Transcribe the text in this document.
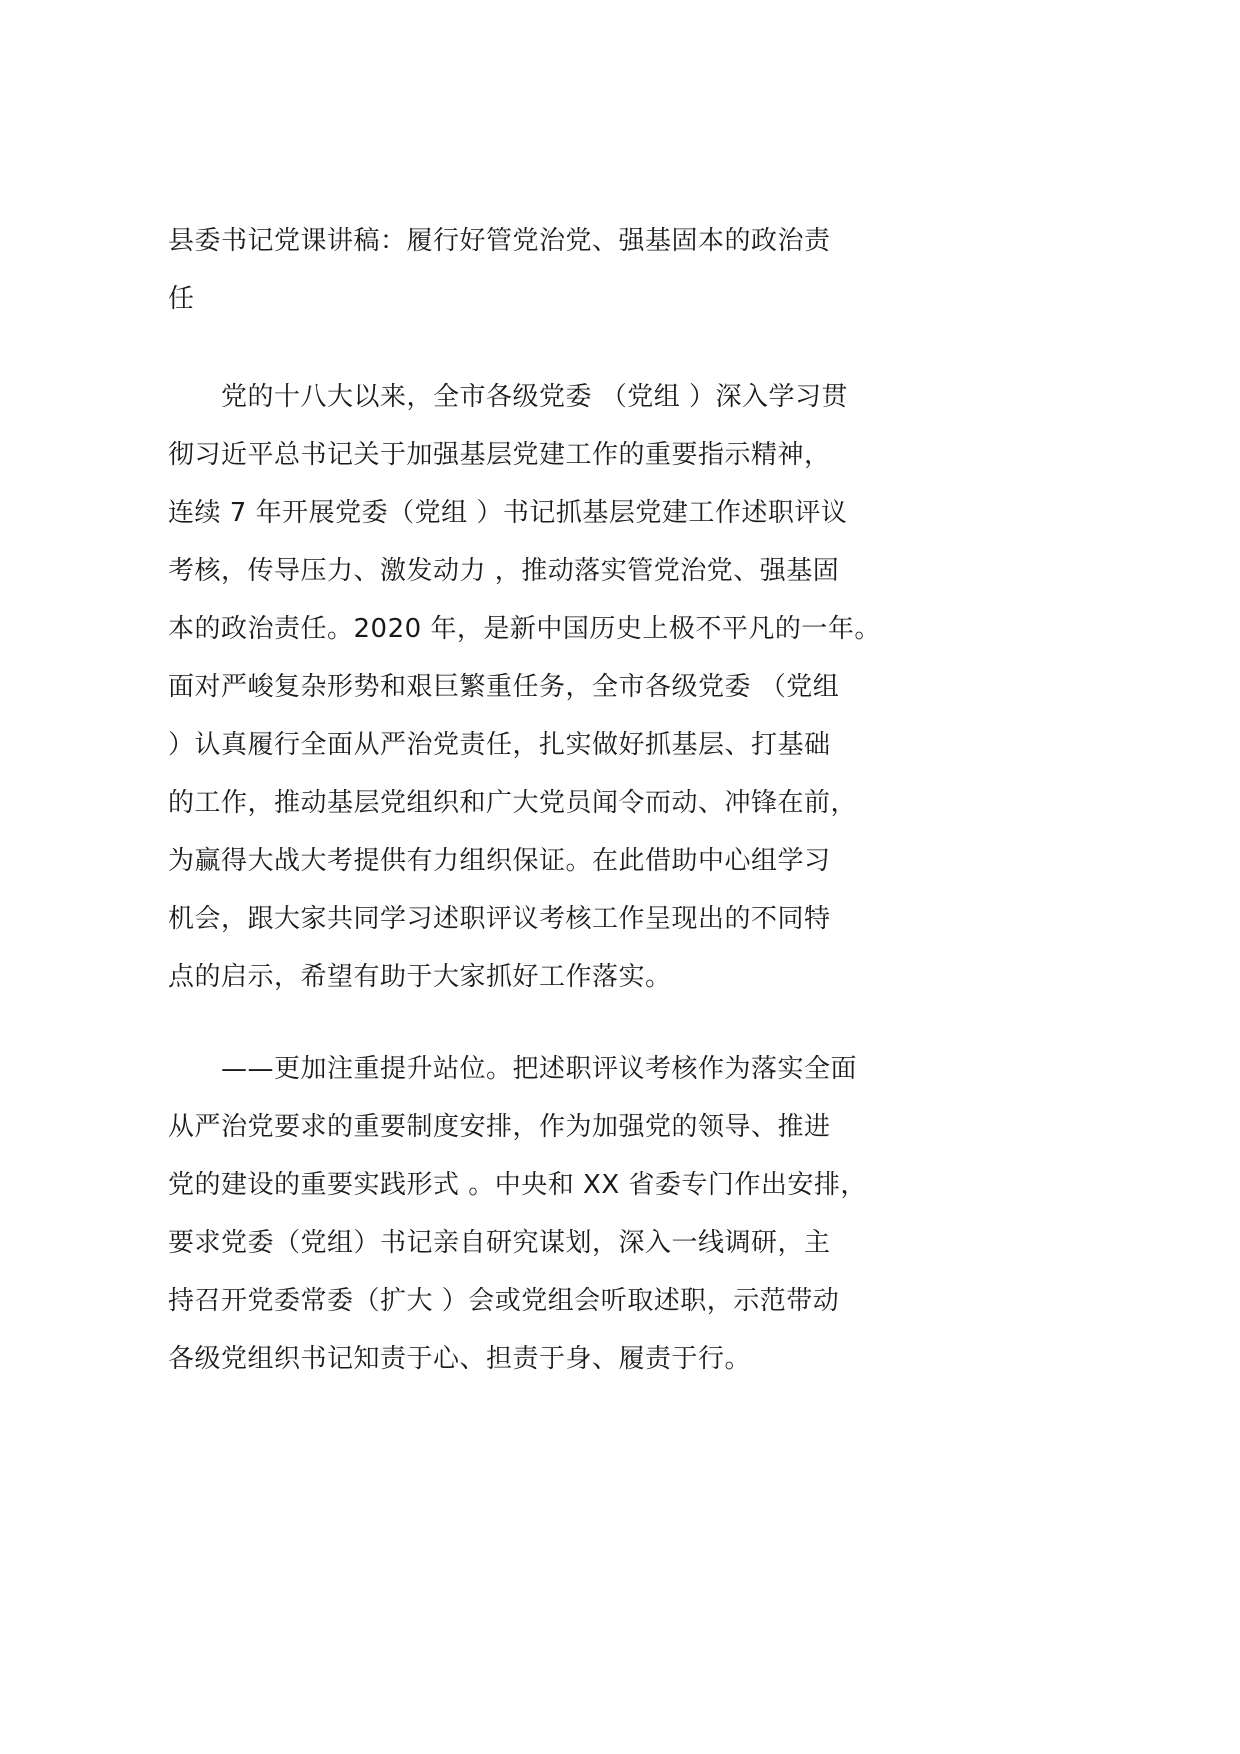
县委书记党课讲稿：履行好管党治党、强基固本的政治责
任
　　党的十八大以来，全市各级党委 （党组 ）深入学习贯
彻习近平总书记关于加强基层党建工作的重要指示精神，
连续 7 年开展党委（党组 ）书记抓基层党建工作述职评议
考核，传导压力、激发动力 ，推动落实管党治党、强基固
本的政治责任。2020 年，是新中国历史上极不平凡的一年。
面对严峻复杂形势和艰巨繁重任务，全市各级党委 （党组
）认真履行全面从严治党责任，扎实做好抓基层、打基础
的工作，推动基层党组织和广大党员闻令而动、冲锋在前，
为赢得大战大考提供有力组织保证。在此借助中心组学习
机会，跟大家共同学习述职评议考核工作呈现出的不同特
点的启示，希望有助于大家抓好工作落实。
　　——更加注重提升站位。把述职评议考核作为落实全面
从严治党要求的重要制度安排，作为加强党的领导、推进
党的建设的重要实践形式 。中央和 XX 省委专门作出安排，
要求党委（党组）书记亲自研究谋划，深入一线调研，主
持召开党委常委（扩大 ）会或党组会听取述职，示范带动
各级党组织书记知责于心、担责于身、履责于行。
